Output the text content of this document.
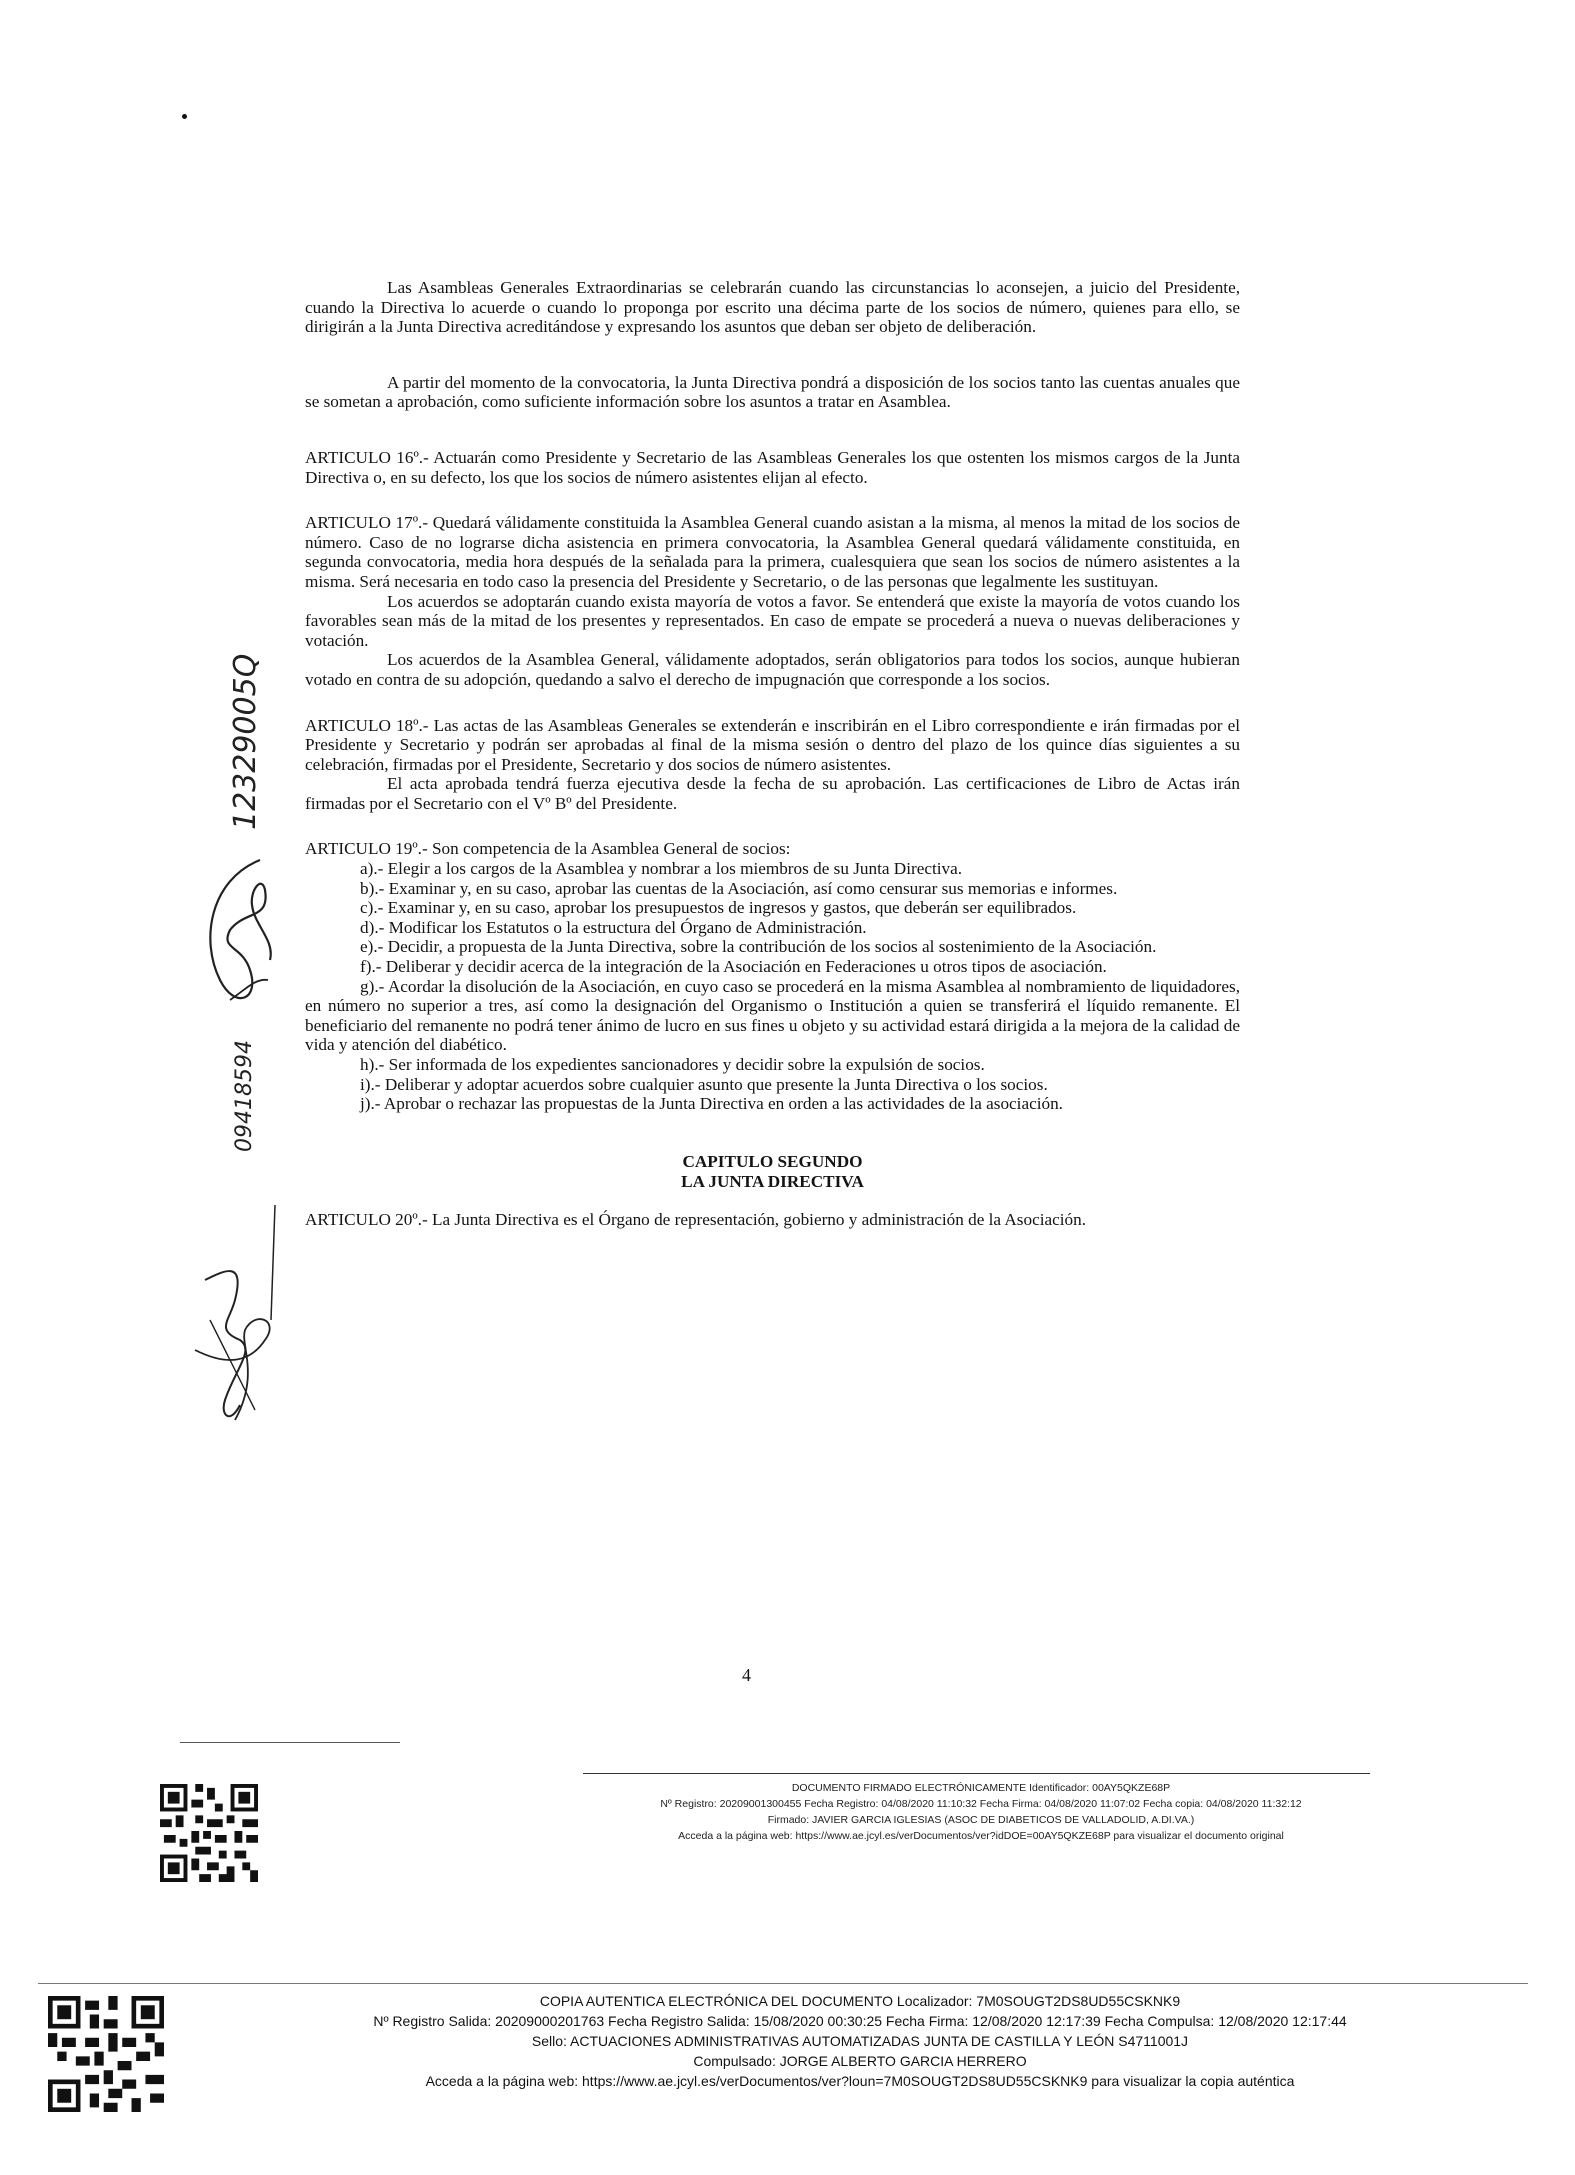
Las Asambleas Generales Extraordinarias se celebrarán cuando las circunstancias lo aconsejen, a juicio del Presidente, cuando la Directiva lo acuerde o cuando lo proponga por escrito una décima parte de los socios de número, quienes para ello, se dirigirán a la Junta Directiva acreditándose y expresando los asuntos que deban ser objeto de deliberación.

A partir del momento de la convocatoria, la Junta Directiva pondrá a disposición de los socios tanto las cuentas anuales que se sometan a aprobación, como suficiente información sobre los asuntos a tratar en Asamblea.

ARTICULO 16º.- Actuarán como Presidente y Secretario de las Asambleas Generales los que ostenten los mismos cargos de la Junta Directiva o, en su defecto, los que los socios de número asistentes elijan al efecto.

ARTICULO 17º.- Quedará válidamente constituida la Asamblea General cuando asistan a la misma, al menos la mitad de los socios de número. Caso de no lograrse dicha asistencia en primera convocatoria, la Asamblea General quedará válidamente constituida, en segunda convocatoria, media hora después de la señalada para la primera, cualesquiera que sean los socios de número asistentes a la misma. Será necesaria en todo caso la presencia del Presidente y Secretario, o de las personas que legalmente les sustituyan.

Los acuerdos se adoptarán cuando exista mayoría de votos a favor. Se entenderá que existe la mayoría de votos cuando los favorables sean más de la mitad de los presentes y representados. En caso de empate se procederá a nueva o nuevas deliberaciones y votación.

Los acuerdos de la Asamblea General, válidamente adoptados, serán obligatorios para todos los socios, aunque hubieran votado en contra de su adopción, quedando a salvo el derecho de impugnación que corresponde a los socios.

ARTICULO 18º.- Las actas de las Asambleas Generales se extenderán e inscribirán en el Libro correspondiente e irán firmadas por el Presidente y Secretario y podrán ser aprobadas al final de la misma sesión o dentro del plazo de los quince días siguientes a su celebración, firmadas por el Presidente, Secretario y dos socios de número asistentes.

El acta aprobada tendrá fuerza ejecutiva desde la fecha de su aprobación. Las certificaciones de Libro de Actas irán firmadas por el Secretario con el Vº Bº del Presidente.

ARTICULO 19º.- Son competencia de la Asamblea General de socios:

a).- Elegir a los cargos de la Asamblea y nombrar a los miembros de su Junta Directiva.

b).- Examinar y, en su caso, aprobar las cuentas de la Asociación, así como censurar sus memorias e informes.

c).- Examinar y, en su caso, aprobar los presupuestos de ingresos y gastos, que deberán ser equilibrados.

d).- Modificar los Estatutos o la estructura del Órgano de Administración.

e).- Decidir, a propuesta de la Junta Directiva, sobre la contribución de los socios al sostenimiento de la Asociación.

f).- Deliberar y decidir acerca de la integración de la Asociación en Federaciones u otros tipos de asociación.

g).- Acordar la disolución de la Asociación, en cuyo caso se procederá en la misma Asamblea al nombramiento de liquidadores, en número no superior a tres, así como la designación del Organismo o Institución a quien se transferirá el líquido remanente. El beneficiario del remanente no podrá tener ánimo de lucro en sus fines u objeto y su actividad estará dirigida a la mejora de la calidad de vida y atención del diabético.

h).- Ser informada de los expedientes sancionadores y decidir sobre la expulsión de socios.

i).- Deliberar y adoptar acuerdos sobre cualquier asunto que presente la Junta Directiva o los socios.

j).- Aprobar o rechazar las propuestas de la Junta Directiva en orden a las actividades de la asociación.

CAPITULO SEGUNDO
LA JUNTA DIRECTIVA

ARTICULO 20º.- La Junta Directiva es el Órgano de representación, gobierno y administración de la Asociación.

4
12329005Q
09418594
DOCUMENTO FIRMADO ELECTRÓNICAMENTE Identificador: 00AY5QKZE68P
Nº Registro: 20209001300455 Fecha Registro: 04/08/2020 11:10:32 Fecha Firma: 04/08/2020 11:07:02 Fecha copia: 04/08/2020 11:32:12
Firmado: JAVIER GARCIA IGLESIAS (ASOC DE DIABETICOS DE VALLADOLID, A.DI.VA.)
Acceda a la página web: https://www.ae.jcyl.es/verDocumentos/ver?idDOE=00AY5QKZE68P para visualizar el documento original
COPIA AUTENTICA ELECTRÓNICA DEL DOCUMENTO Localizador: 7M0SOUGT2DS8UD55CSKNK9
Nº Registro Salida: 20209000201763 Fecha Registro Salida: 15/08/2020 00:30:25 Fecha Firma: 12/08/2020 12:17:39 Fecha Compulsa: 12/08/2020 12:17:44
Sello: ACTUACIONES ADMINISTRATIVAS AUTOMATIZADAS JUNTA DE CASTILLA Y LEÓN S4711001J
Compulsado: JORGE ALBERTO GARCIA HERRERO
Acceda a la página web: https://www.ae.jcyl.es/verDocumentos/ver?loun=7M0SOUGT2DS8UD55CSKNK9 para visualizar la copia auténtica
